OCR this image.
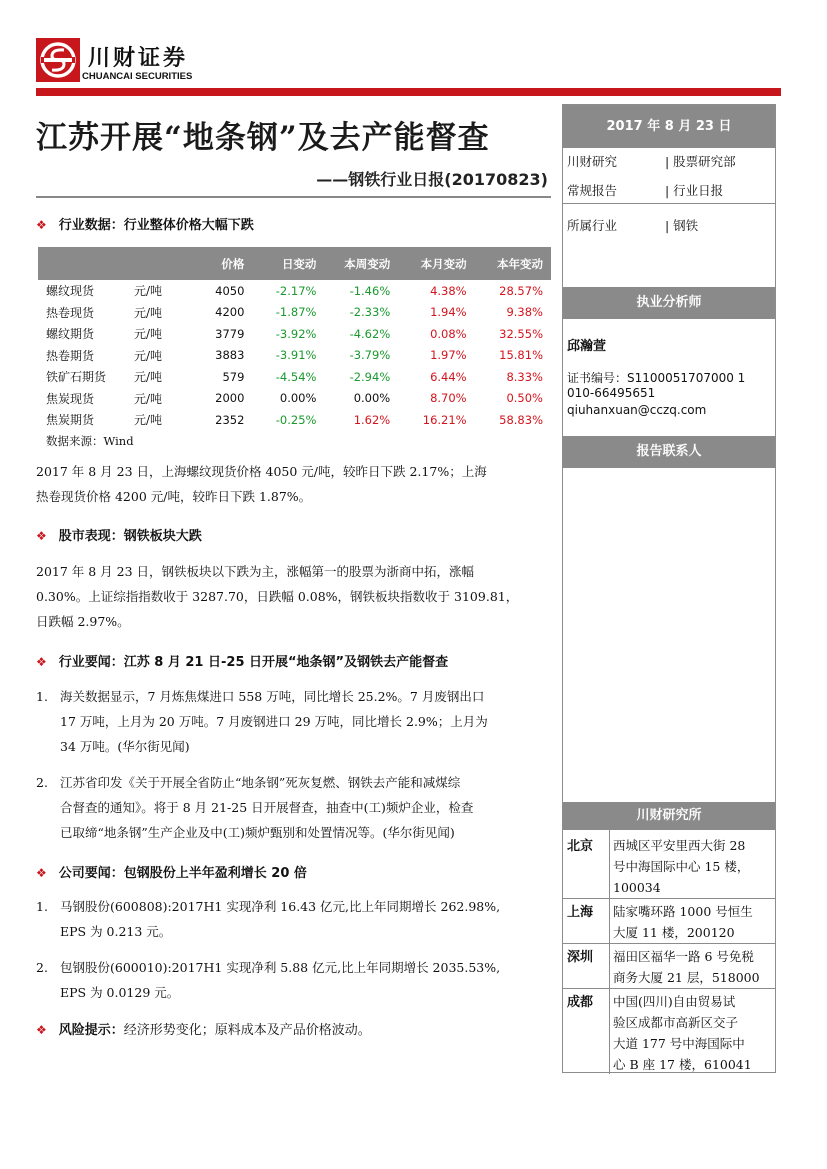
川财证券
CHUANCAI SECURITIES
江苏开展“地条钢”及去产能督查
——钢铁行业日报(20170823)
❖ 行业数据：行业整体价格大幅下跌
		价格	日变动	本周变动	本月变动	本年变动
螺纹现货	元/吨	4050	-2.17%	-1.46%	4.38%	28.57%
热卷现货	元/吨	4200	-1.87%	-2.33%	1.94%	9.38%
螺纹期货	元/吨	3779	-3.92%	-4.62%	0.08%	32.55%
热卷期货	元/吨	3883	-3.91%	-3.79%	1.97%	15.81%
铁矿石期货	元/吨	579	-4.54%	-2.94%	6.44%	8.33%
焦炭现货	元/吨	2000	0.00%	0.00%	8.70%	0.50%
焦炭期货	元/吨	2352	-0.25%	1.62%	16.21%	58.83%
数据来源：Wind
2017 年 8 月 23 日，上海螺纹现货价格 4050 元/吨，较昨日下跌 2.17%；上海
热卷现货价格 4200 元/吨，较昨日下跌 1.87%。
❖ 股市表现：钢铁板块大跌
2017 年 8 月 23 日，钢铁板块以下跌为主，涨幅第一的股票为浙商中拓，涨幅
0.30%。上证综指指数收于 3287.70，日跌幅 0.08%，钢铁板块指数收于 3109.81，
日跌幅 2.97%。
❖ 行业要闻：江苏 8 月 21 日-25 日开展“地条钢”及钢铁去产能督查
1. 海关数据显示，7 月炼焦煤进口 558 万吨，同比增长 25.2%。7 月废钢出口
17 万吨，上月为 20 万吨。7 月废钢进口 29 万吨，同比增长 2.9%；上月为
34 万吨。(华尔街见闻)
2. 江苏省印发《关于开展全省防止“地条钢”死灰复燃、钢铁去产能和减煤综
合督查的通知》。将于 8 月 21-25 日开展督查，抽查中(工)频炉企业，检查
已取缔“地条钢”生产企业及中(工)频炉甄别和处置情况等。(华尔街见闻)
❖ 公司要闻：包钢股份上半年盈利增长 20 倍
1. 马钢股份(600808):2017H1 实现净利 16.43 亿元,比上年同期增长 262.98%,
EPS 为 0.213 元。
2. 包钢股份(600010):2017H1 实现净利 5.88 亿元,比上年同期增长 2035.53%,
EPS 为 0.0129 元。
❖ 风险提示：经济形势变化；原料成本及产品价格波动。
2017 年 8 月 23 日
川财研究	| 股票研究部
常规报告	| 行业日报
所属行业	| 钢铁
执业分析师
邱瀚萱
证书编号：S1100051707000 1
010-66495651
qiuhanxuan@cczq.com
报告联系人
川财研究所
北京 西城区平安里西大街 28
号中海国际中心 15 楼，
100034
上海 陆家嘴环路 1000 号恒生
大厦 11 楼，200120
深圳 福田区福华一路 6 号免税
商务大厦 21 层，518000
成都 中国(四川)自由贸易试
验区成都市高新区交子
大道 177 号中海国际中
心 B 座 17 楼，610041
